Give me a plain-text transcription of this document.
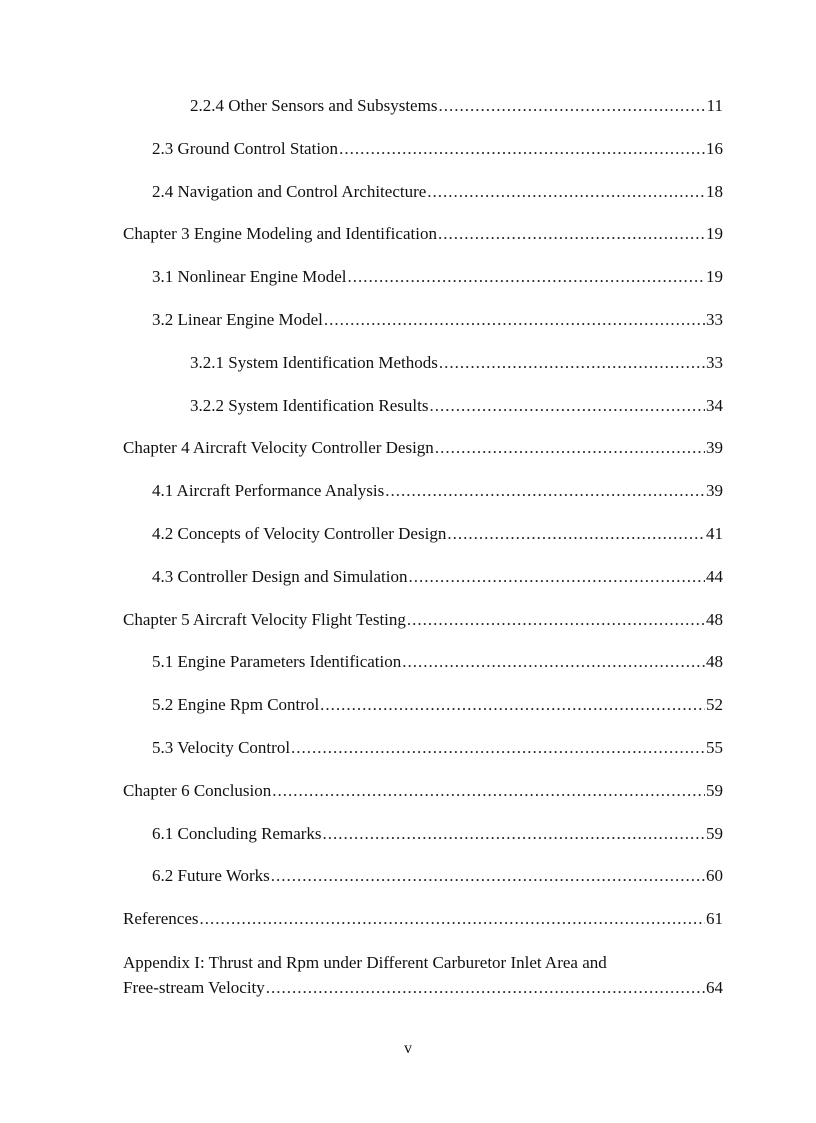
2.2.4 Other Sensors and Subsystems .....	11
2.3 Ground Control Station .....	16
2.4 Navigation and Control Architecture .....	18
Chapter 3 Engine Modeling and Identification .....	19
3.1 Nonlinear Engine Model .....	19
3.2 Linear Engine Model .....	33
3.2.1 System Identification Methods .....	33
3.2.2 System Identification Results .....	34
Chapter 4 Aircraft Velocity Controller Design .....	39
4.1 Aircraft Performance Analysis .....	39
4.2 Concepts of Velocity Controller Design .....	41
4.3 Controller Design and Simulation .....	44
Chapter 5 Aircraft Velocity Flight Testing .....	48
5.1 Engine Parameters Identification .....	48
5.2 Engine Rpm Control .....	52
5.3 Velocity Control .....	55
Chapter 6 Conclusion .....	59
6.1 Concluding Remarks .....	59
6.2 Future Works .....	60
References .....	61
Appendix I: Thrust and Rpm under Different Carburetor Inlet Area and
Free-stream Velocity .....	64
v
